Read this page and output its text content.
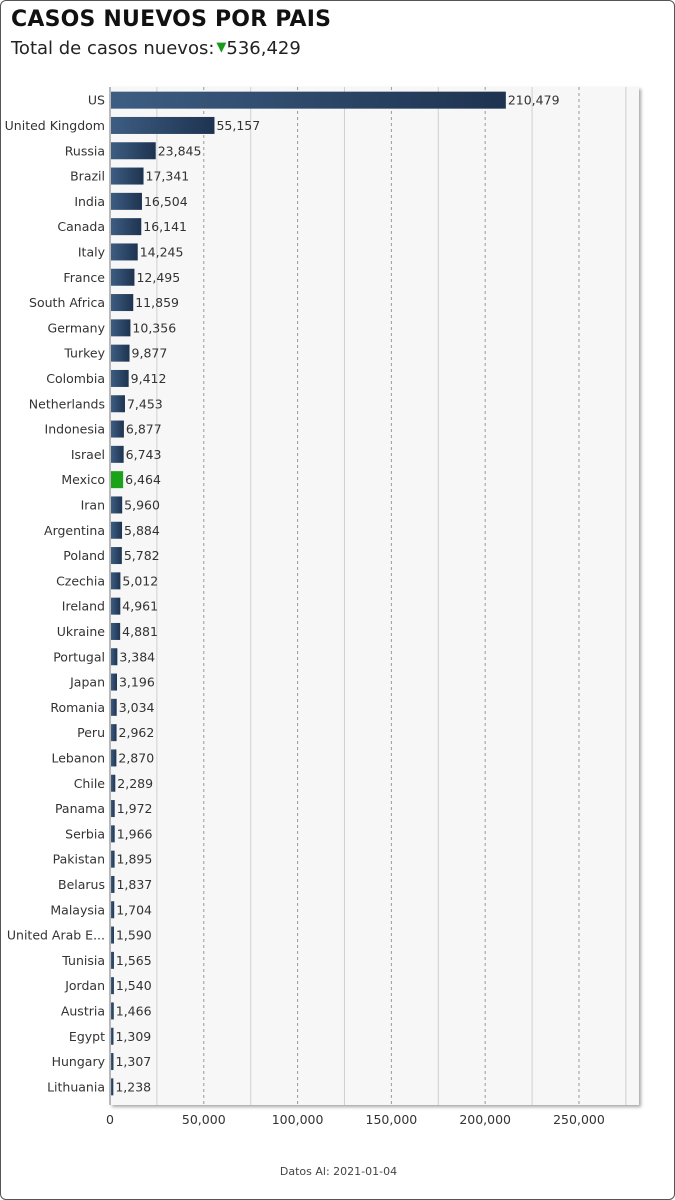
CASOS NUEVOS POR PAIS
Total de casos nuevos: ▼536,429
US	210,479
United Kingdom	55,157
Russia	23,845
Brazil	17,341
India	16,504
Canada	16,141
Italy	14,245
France	12,495
South Africa 11,859
Germany 10,356
Turkey 9,877
Colombia 9,412
Netherlands 7,453
Indonesia 6,877
Israel 6,743
Mexico 6,464
Iran 5,960
Argentina 5,884
Poland 5,782
Czechia 5,012
Ireland 4,961
Ukraine 4,881
Portugal 3,384
Japan 3,196
Romania 3,034
Peru 2,962
Lebanon 2,870
Chile 2,289
Panama 1,972
Serbia 1,966
Pakistan 1,895
Belarus 1,837
Malaysia 1,704
United Arab E... 1,590
Tunisia 1,565
Jordan 1,540
Austria 1,466
Egypt 1,309
Hungary 1,307
Lithuania 1,238
0	50,000	100,000	150,000	200,000	250,000
Datos Al: 2021-01-04
